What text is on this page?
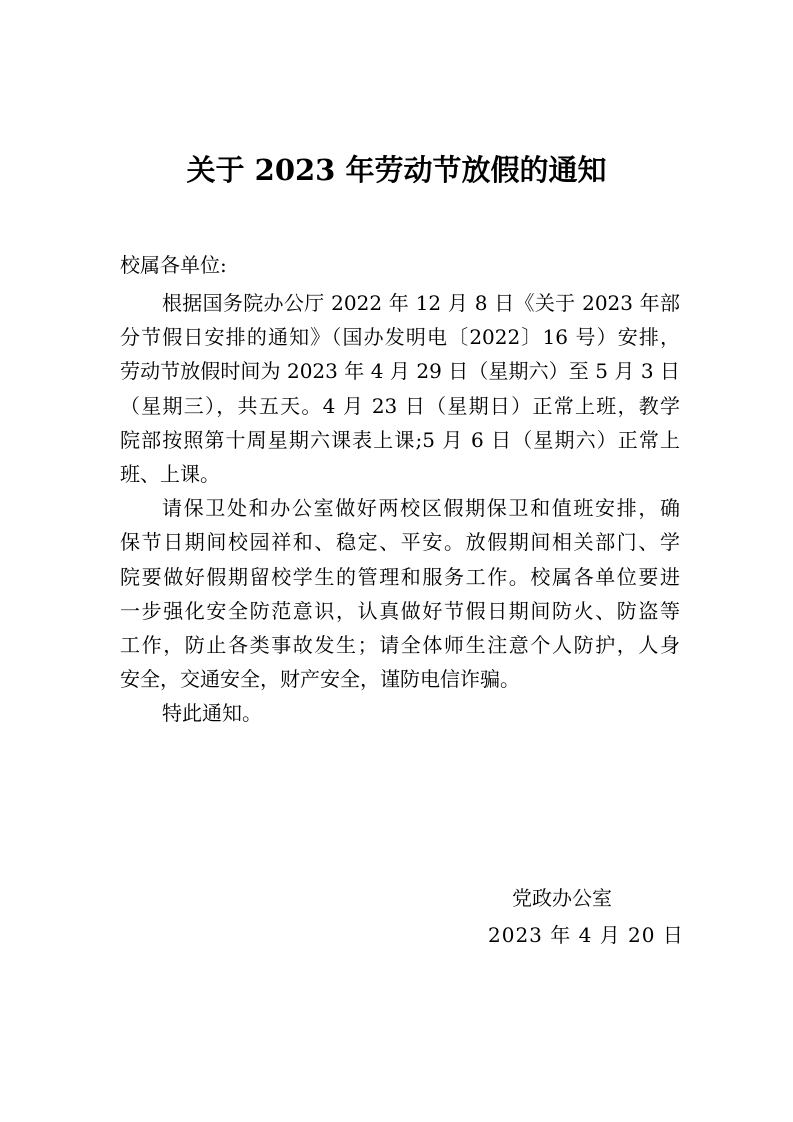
关于 2023 年劳动节放假的通知
校属各单位:
根据国务院办公厅 2022 年 12 月 8 日《关于 2023 年部
分节假日安排的通知》（国办发明电〔2022〕16 号）安排，
劳动节放假时间为 2023 年 4 月 29 日（星期六）至 5 月 3 日
（星期三），共五天。4 月 23 日（星期日）正常上班，教学
院部按照第十周星期六课表上课;5 月 6 日（星期六）正常上
班、上课。
请保卫处和办公室做好两校区假期保卫和值班安排，确
保节日期间校园祥和、稳定、平安。放假期间相关部门、学
院要做好假期留校学生的管理和服务工作。校属各单位要进
一步强化安全防范意识，认真做好节假日期间防火、防盗等
工作，防止各类事故发生；请全体师生注意个人防护，人身
安全，交通安全，财产安全，谨防电信诈骗。
特此通知。
党政办公室
2023 年 4 月 20 日
